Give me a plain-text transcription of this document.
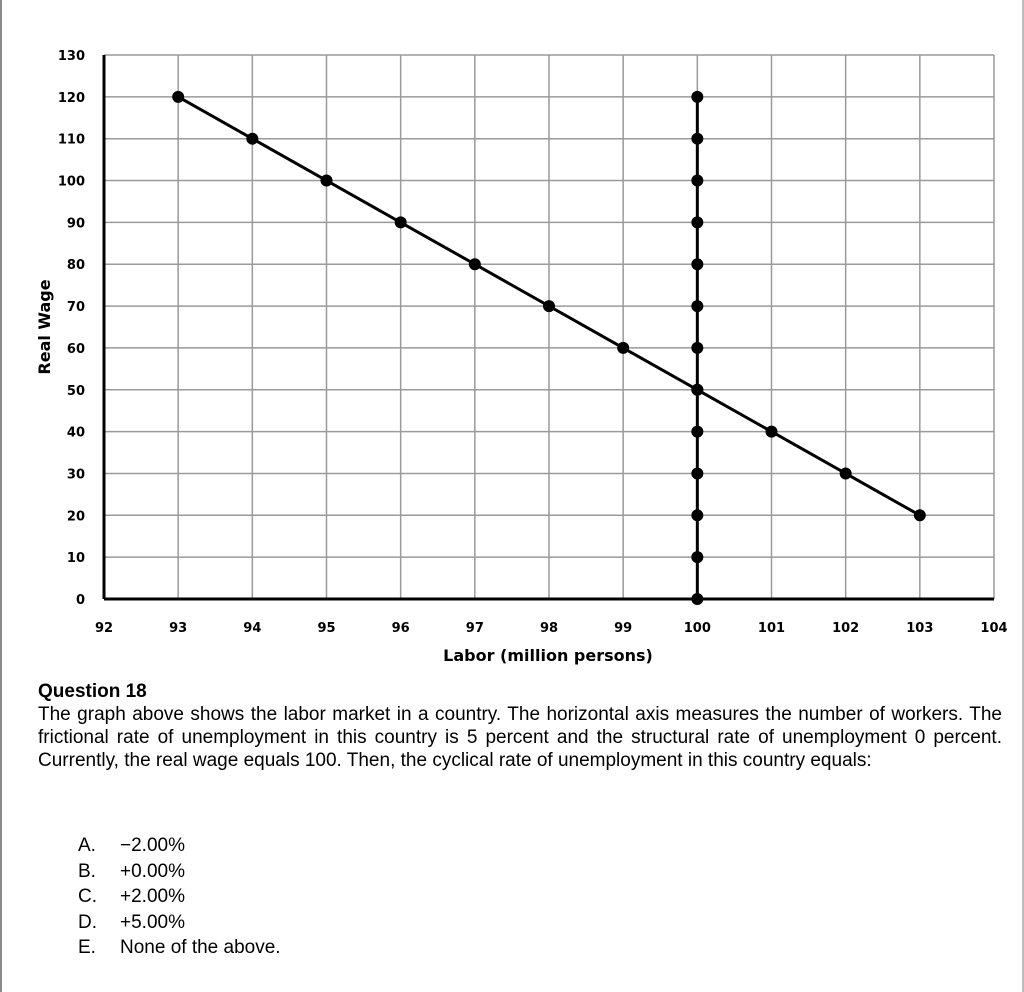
92	93	94	95	96	97	98	99	100	101	102	103	104
0
10
20
30
40
50
60
70
80
90
100
110
120
130
Real Wage
Labor (million persons)
Question 18
The graph above shows the labor market in a country. The horizontal axis measures the number of workers. The frictional rate of unemployment in this country is 5 percent and the structural rate of unemployment 0 percent. Currently, the real wage equals 100. Then, the cyclical rate of unemployment in this country equals:
A.	−2.00%
B.	+0.00%
C.	+2.00%
D.	+5.00%
E.	None of the above.
